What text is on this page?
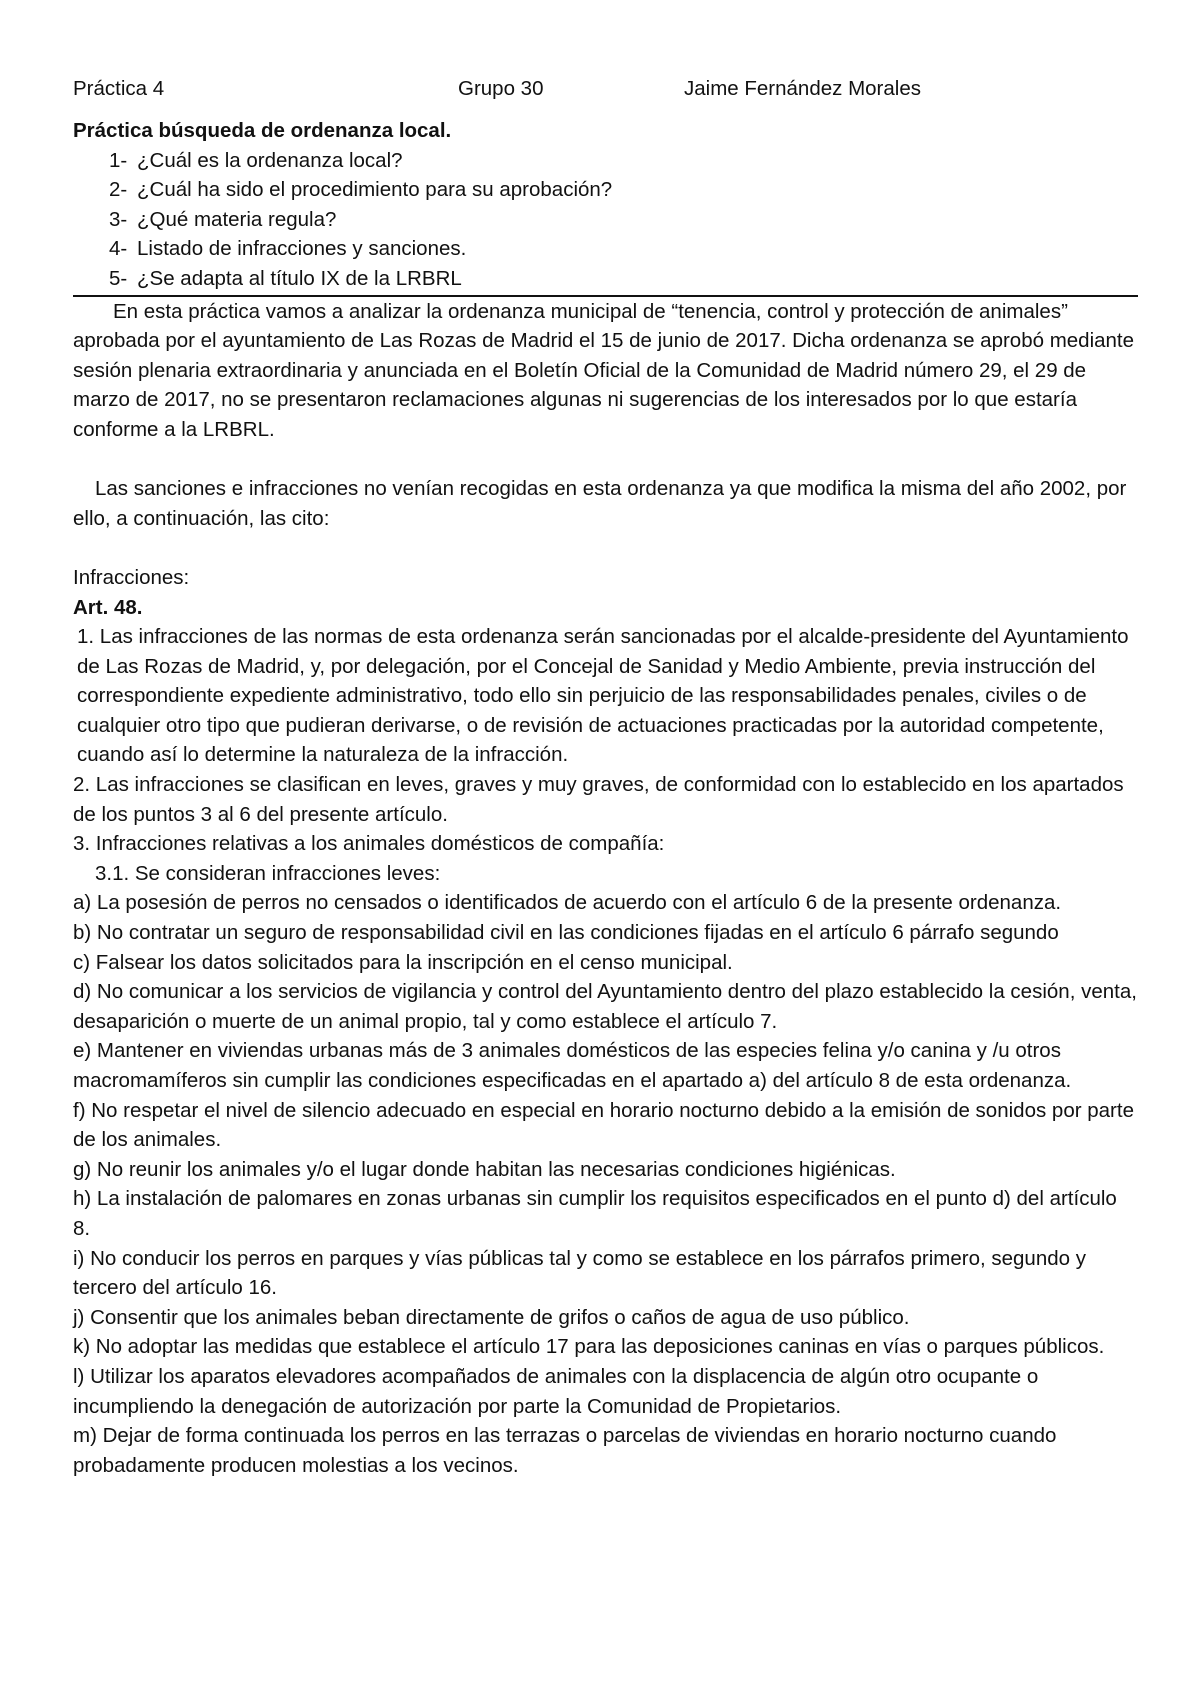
Práctica 4	Grupo 30	Jaime Fernández Morales

Práctica búsqueda de ordenanza local.

1- ¿Cuál es la ordenanza local?
2- ¿Cuál ha sido el procedimiento para su aprobación?
3- ¿Qué materia regula?
4- Listado de infracciones y sanciones.
5- ¿Se adapta al título IX de la LRBRL

En esta práctica vamos a analizar la ordenanza municipal de “tenencia, control y protección de animales” aprobada por el ayuntamiento de Las Rozas de Madrid el 15 de junio de 2017. Dicha ordenanza se aprobó mediante sesión plenaria extraordinaria y anunciada en el Boletín Oficial de la Comunidad de Madrid número 29, el 29 de marzo de 2017, no se presentaron reclamaciones algunas ni sugerencias de los interesados por lo que estaría conforme a la LRBRL.

Las sanciones e infracciones no venían recogidas en esta ordenanza ya que modifica la misma del año 2002, por ello, a continuación, las cito:

Infracciones:

Art. 48.

1. Las infracciones de las normas de esta ordenanza serán sancionadas por el alcalde-presidente del Ayuntamiento de Las Rozas de Madrid, y, por delegación, por el Concejal de Sanidad y Medio Ambiente, previa instrucción del correspondiente expediente administrativo, todo ello sin perjuicio de las responsabilidades penales, civiles o de cualquier otro tipo que pudieran derivarse, o de revisión de actuaciones practicadas por la autoridad competente, cuando así lo determine la naturaleza de la infracción.

2. Las infracciones se clasifican en leves, graves y muy graves, de conformidad con lo establecido en los apartados de los puntos 3 al 6 del presente artículo.

3. Infracciones relativas a los animales domésticos de compañía:

3.1. Se consideran infracciones leves:

a) La posesión de perros no censados o identificados de acuerdo con el artículo 6 de la presente ordenanza.

b) No contratar un seguro de responsabilidad civil en las condiciones fijadas en el artículo 6 párrafo segundo

c) Falsear los datos solicitados para la inscripción en el censo municipal.

d) No comunicar a los servicios de vigilancia y control del Ayuntamiento dentro del plazo establecido la cesión, venta, desaparición o muerte de un animal propio, tal y como establece el artículo 7.

e) Mantener en viviendas urbanas más de 3 animales domésticos de las especies felina y/o canina y /u otros macromamíferos sin cumplir las condiciones especificadas en el apartado a) del artículo 8 de esta ordenanza.

f) No respetar el nivel de silencio adecuado en especial en horario nocturno debido a la emisión de sonidos por parte de los animales.

g) No reunir los animales y/o el lugar donde habitan las necesarias condiciones higiénicas.

h) La instalación de palomares en zonas urbanas sin cumplir los requisitos especificados en el punto d) del artículo 8.

i) No conducir los perros en parques y vías públicas tal y como se establece en los párrafos primero, segundo y tercero del artículo 16.

j) Consentir que los animales beban directamente de grifos o caños de agua de uso público.

k) No adoptar las medidas que establece el artículo 17 para las deposiciones caninas en vías o parques públicos.

l) Utilizar los aparatos elevadores acompañados de animales con la displacencia de algún otro ocupante o incumpliendo la denegación de autorización por parte la Comunidad de Propietarios.

m) Dejar de forma continuada los perros en las terrazas o parcelas de viviendas en horario nocturno cuando probadamente producen molestias a los vecinos.
